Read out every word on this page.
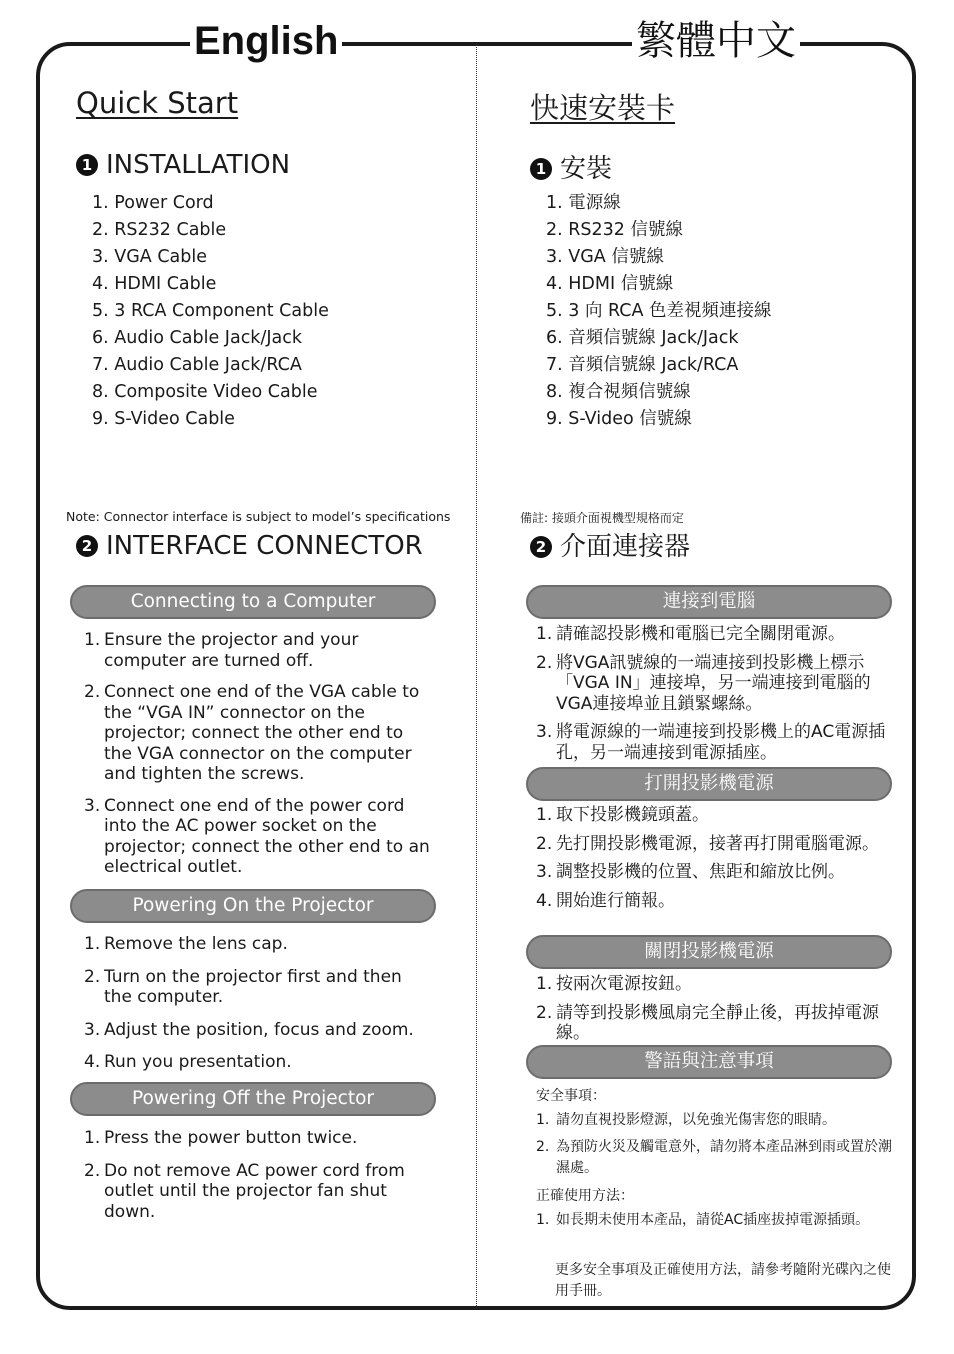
English	繁體中文
Quick Start
1 INSTALLATION
1. Power Cord
2. RS232 Cable
3. VGA Cable
4. HDMI Cable
5. 3 RCA Component Cable
6. Audio Cable Jack/Jack
7. Audio Cable Jack/RCA
8. Composite Video Cable
9. S-Video Cable
Note: Connector interface is subject to model’s specifications
2 INTERFACE CONNECTOR
Connecting to a Computer
1. Ensure the projector and your computer are turned off.
2. Connect one end of the VGA cable to the “VGA IN” connector on the projector; connect the other end to the VGA connector on the computer and tighten the screws.
3. Connect one end of the power cord into the AC power socket on the projector; connect the other end to an electrical outlet.
Powering On the Projector
1. Remove the lens cap.
2. Turn on the projector first and then the computer.
3. Adjust the position, focus and zoom.
4. Run you presentation.
Powering Off the Projector
1. Press the power button twice.
2. Do not remove AC power cord from outlet until the projector fan shut down.
快速安裝卡
1 安裝
1. 電源線
2. RS232 信號線
3. VGA 信號線
4. HDMI 信號線
5. 3 向 RCA 色差視頻連接線
6. 音頻信號線 Jack/Jack
7. 音頻信號線 Jack/RCA
8. 複合視頻信號線
9. S-Video 信號線
備註: 接頭介面視機型規格而定
2 介面連接器
連接到電腦
1. 請確認投影機和電腦已完全關閉電源。
2. 將VGA訊號線的一端連接到投影機上標示「VGA IN」連接埠，另一端連接到電腦的VGA連接埠並且鎖緊螺絲。
3. 將電源線的一端連接到投影機上的AC電源插孔，另一端連接到電源插座。
打開投影機電源
1. 取下投影機鏡頭蓋。
2. 先打開投影機電源，接著再打開電腦電源。
3. 調整投影機的位置、焦距和縮放比例。
4. 開始進行簡報。
關閉投影機電源
1. 按兩次電源按鈕。
2. 請等到投影機風扇完全靜止後，再拔掉電源線。
警語與注意事項
安全事項：
1. 請勿直視投影燈源，以免強光傷害您的眼睛。
2. 為預防火災及觸電意外，請勿將本產品淋到雨或置於潮濕處。
正確使用方法：
1. 如長期未使用本產品，請從AC插座拔掉電源插頭。
更多安全事項及正確使用方法，請參考隨附光碟內之使用手冊。
